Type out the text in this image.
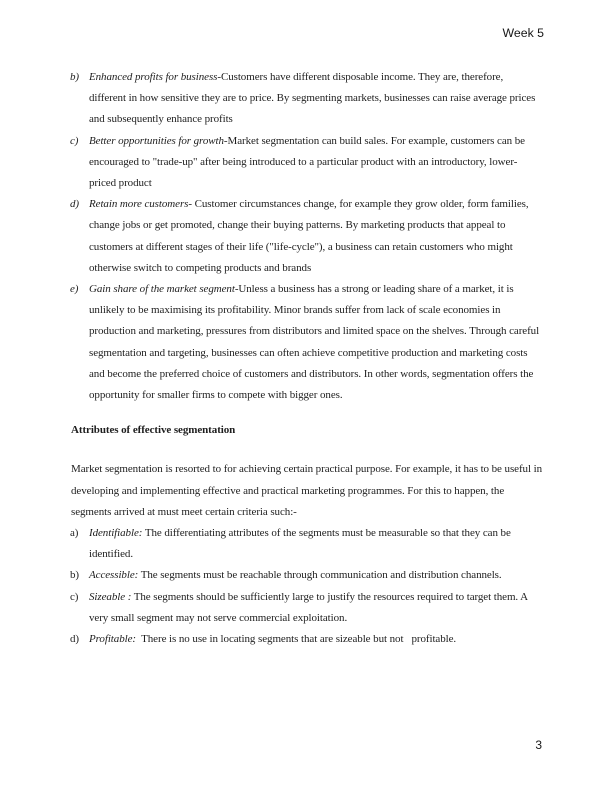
Week 5
b) Enhanced profits for business-Customers have different disposable income. They are, therefore, different in how sensitive they are to price. By segmenting markets, businesses can raise average prices and subsequently enhance profits
c) Better opportunities for growth-Market segmentation can build sales. For example, customers can be encouraged to "trade-up" after being introduced to a particular product with an introductory, lower-priced product
d) Retain more customers- Customer circumstances change, for example they grow older, form families, change jobs or get promoted, change their buying patterns. By marketing products that appeal to customers at different stages of their life ("life-cycle"), a business can retain customers who might otherwise switch to competing products and brands
e) Gain share of the market segment-Unless a business has a strong or leading share of a market, it is unlikely to be maximising its profitability. Minor brands suffer from lack of scale economies in production and marketing, pressures from distributors and limited space on the shelves. Through careful segmentation and targeting, businesses can often achieve competitive production and marketing costs and become the preferred choice of customers and distributors. In other words, segmentation offers the opportunity for smaller firms to compete with bigger ones.
Attributes of effective segmentation
Market segmentation is resorted to for achieving certain practical purpose. For example, it has to be useful in developing and implementing effective and practical marketing programmes. For this to happen, the segments arrived at must meet certain criteria such:-
a) Identifiable: The differentiating attributes of the segments must be measurable so that they can be identified.
b) Accessible: The segments must be reachable through communication and distribution channels.
c) Sizeable : The segments should be sufficiently large to justify the resources required to target them. A very small segment may not serve commercial exploitation.
d) Profitable:  There is no use in locating segments that are sizeable but not   profitable.
3
